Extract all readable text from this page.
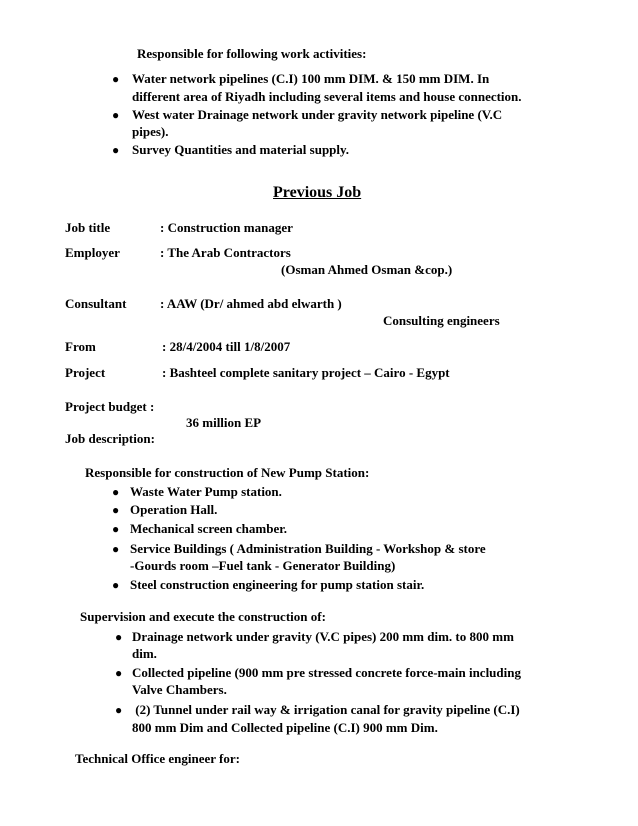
Responsible for following work activities:
● Water network pipelines (C.I) 100 mm DIM. & 150 mm DIM. In
different area of Riyadh including several items and house connection.
● West water Drainage network under gravity network pipeline (V.C
pipes).
● Survey Quantities and material supply.
Previous Job
Job title	: Construction manager
Employer	: The Arab Contractors
(Osman Ahmed Osman &cop.)
Consultant	: AAW (Dr/ ahmed abd elwarth )
Consulting engineers
From	: 28/4/2004 till 1/8/2007
Project	: Bashteel complete sanitary project – Cairo - Egypt
Project budget :
36 million EP
Job description:
Responsible for construction of New Pump Station:
● Waste Water Pump station.
● Operation Hall.
● Mechanical screen chamber.
● Service Buildings ( Administration Building - Workshop & store
-Gourds room –Fuel tank - Generator Building)
● Steel construction engineering for pump station stair.
Supervision and execute the construction of:
● Drainage network under gravity (V.C pipes) 200 mm dim. to 800 mm
dim.
● Collected pipeline (900 mm pre stressed concrete force-main including
Valve Chambers.
● (2) Tunnel under rail way & irrigation canal for gravity pipeline (C.I)
800 mm Dim and Collected pipeline (C.I) 900 mm Dim.
Technical Office engineer for:
